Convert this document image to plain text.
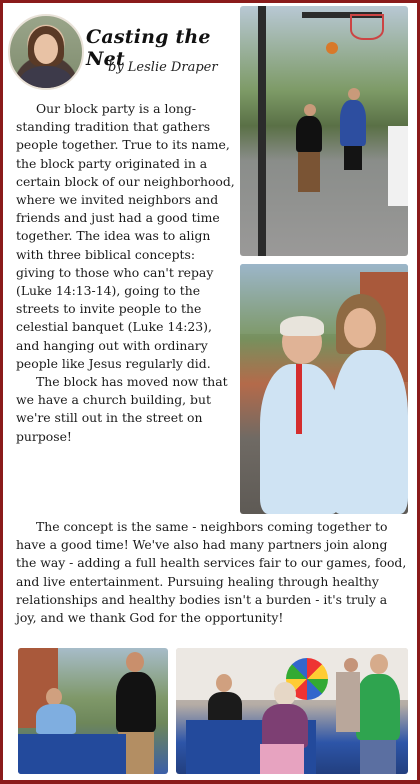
Casting the Net
by Leslie Draper

Our block party is a long-standing tradition that gathers people together. True to its name, the block party originated in a certain block of our neighborhood, where we invited neighbors and friends and just had a good time together. The idea was to align with three biblical concepts: giving to those who can't repay (Luke 14:13-14), going to the streets to invite people to the celestial banquet (Luke 14:23), and hanging out with ordinary people like Jesus regularly did.

The block has moved now that we have a church building, but we're still out in the street on purpose!

The concept is the same - neighbors coming together to have a good time! We've also had many partners join along the way - adding a full health services fair to our games, food, and live entertainment. Pursuing healing through healthy relationships and healthy bodies isn't a burden - it's truly a joy, and we thank God for the opportunity!
